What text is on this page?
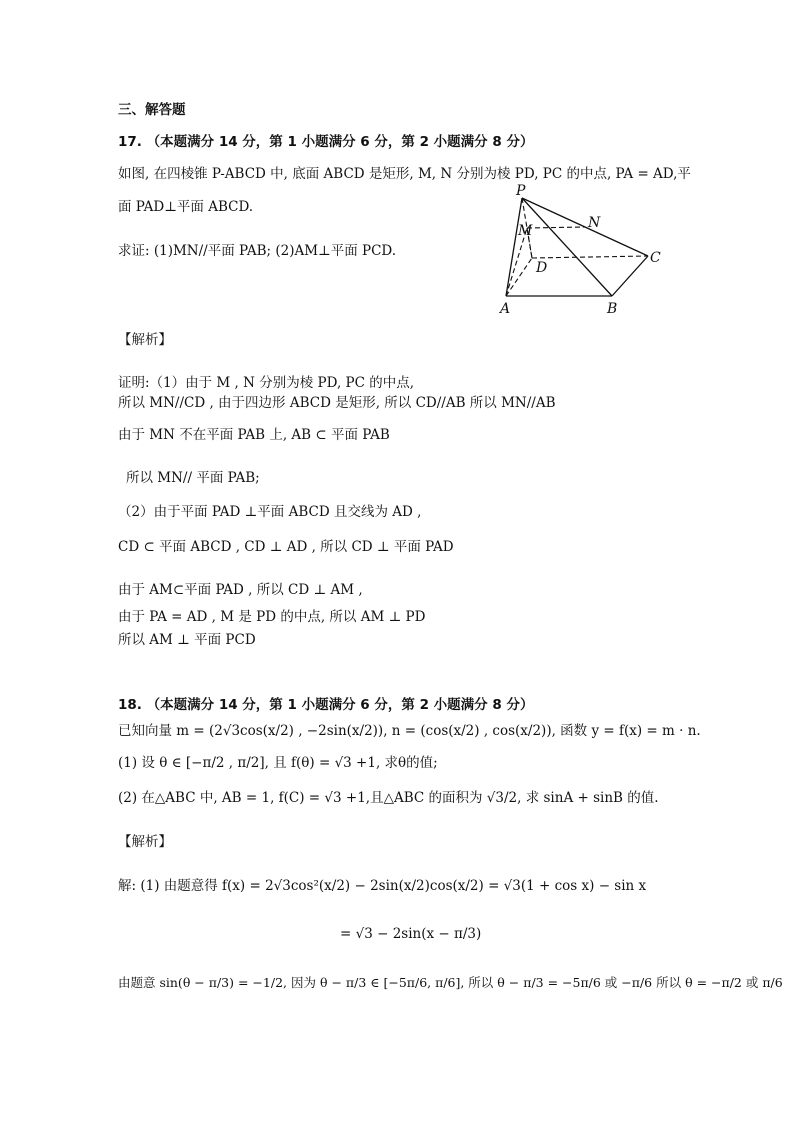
三、解答题
17. （本题满分 14 分，第 1 小题满分 6 分，第 2 小题满分 8 分）
如图, 在四棱锥 P-ABCD 中, 底面 ABCD 是矩形, M, N 分别为棱 PD, PC 的中点, PA = AD,平
面 PAD⊥平面 ABCD.
求证: (1)MN//平面 PAB; (2)AM⊥平面 PCD.
P
M	N
D
C
A	B
【解析】
证明:（1）由于 M , N 分别为棱 PD, PC 的中点,
所以 MN//CD , 由于四边形 ABCD 是矩形, 所以 CD//AB 所以 MN//AB
由于 MN 不在平面 PAB 上, AB ⊂ 平面 PAB
所以 MN// 平面 PAB;
（2）由于平面 PAD ⊥平面 ABCD 且交线为 AD ,
CD ⊂ 平面 ABCD , CD ⊥ AD , 所以 CD ⊥ 平面 PAD
由于 AM⊂平面 PAD , 所以 CD ⊥ AM ,
由于 PA = AD , M 是 PD 的中点, 所以 AM ⊥ PD
所以 AM ⊥ 平面 PCD
18. （本题满分 14 分，第 1 小题满分 6 分，第 2 小题满分 8 分）
已知向量 m = (2√3cos(x/2) , −2sin(x/2)), n = (cos(x/2) , cos(x/2)), 函数 y = f(x) = m · n.
(1) 设 θ ∈ [−π/2 , π/2], 且 f(θ) = √3 +1, 求θ的值;
(2) 在△ABC 中, AB = 1, f(C) = √3 +1,且△ABC 的面积为 √3/2, 求 sinA + sinB 的值.
【解析】
解: (1) 由题意得 f(x) = 2√3cos²(x/2) − 2sin(x/2)cos(x/2) = √3(1 + cos x) − sin x
= √3 − 2sin(x − π/3)
由题意 sin(θ − π/3) = −1/2, 因为 θ − π/3 ∈ [−5π/6, π/6], 所以 θ − π/3 = −5π/6 或 −π/6 所以 θ = −π/2 或 π/6
